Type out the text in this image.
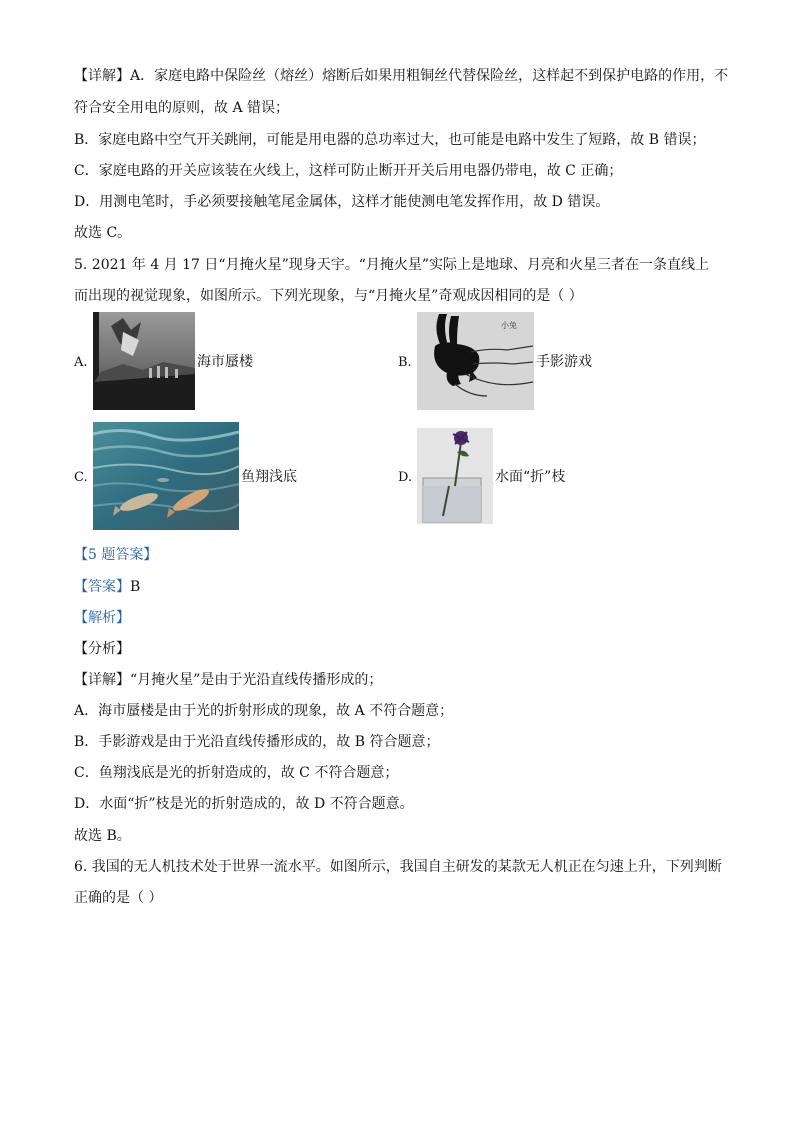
【详解】A．家庭电路中保险丝（熔丝）熔断后如果用粗铜丝代替保险丝，这样起不到保护电路的作用，不
符合安全用电的原则，故 A 错误；
B．家庭电路中空气开关跳闸，可能是用电器的总功率过大，也可能是电路中发生了短路，故 B 错误；
C．家庭电路的开关应该装在火线上，这样可防止断开开关后用电器仍带电，故 C 正确；
D．用测电笔时，手必须要接触笔尾金属体，这样才能使测电笔发挥作用，故 D 错误。
故选 C。
5. 2021 年 4 月 17 日“月掩火星”现身天宇。“月掩火星”实际上是地球、月亮和火星三者在一条直线上
而出现的视觉现象，如图所示。下列光现象，与“月掩火星”奇观成因相同的是（ ）
A.	海市蜃楼	B.
小兔
手影游戏
C.	鱼翔浅底	D.	水面“折”枝
【5 题答案】
【答案】B
【解析】
【分析】
【详解】“月掩火星”是由于光沿直线传播形成的；
A．海市蜃楼是由于光的折射形成的现象，故 A 不符合题意；
B．手影游戏是由于光沿直线传播形成的，故 B 符合题意；
C．鱼翔浅底是光的折射造成的，故 C 不符合题意；
D．水面“折”枝是光的折射造成的，故 D 不符合题意。
故选 B。
6. 我国的无人机技术处于世界一流水平。如图所示，我国自主研发的某款无人机正在匀速上升，下列判断
正确的是（ ）
